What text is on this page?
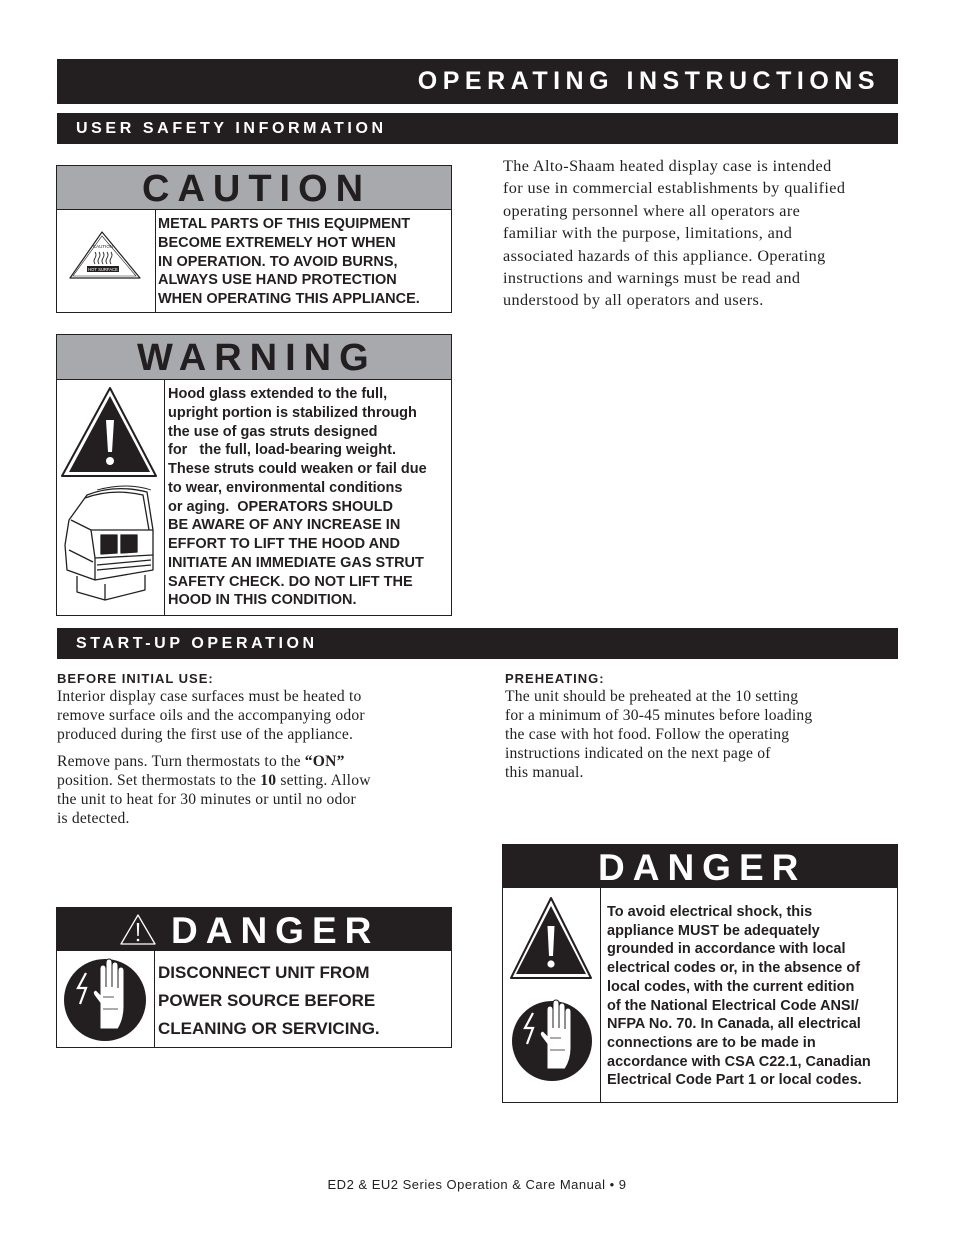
OPERATING INSTRUCTIONS
USER SAFETY INFORMATION
CAUTION
CAUTION
HOT SURFACE
METAL PARTS OF THIS EQUIPMENT
BECOME EXTREMELY HOT WHEN
IN OPERATION. TO AVOID BURNS,
ALWAYS USE HAND PROTECTION
WHEN OPERATING THIS APPLIANCE.

The Alto-Shaam heated display case is intended

for use in commercial establishments by qualified

operating personnel where all operators are

familiar with the purpose, limitations, and

associated hazards of this appliance. Operating

instructions and warnings must be read and

understood by all operators and users.

WARNING
Hood glass extended to the full,
upright portion is stabilized through
the use of gas struts designed
for   the full, load-bearing weight.
These struts could weaken or fail due
to wear, environmental conditions
or aging.  OPERATORS SHOULD
BE AWARE OF ANY INCREASE IN
EFFORT TO LIFT THE HOOD AND
INITIATE AN IMMEDIATE GAS STRUT
SAFETY CHECK. DO NOT LIFT THE
HOOD IN THIS CONDITION.
START-UP OPERATION
BEFORE INITIAL USE:

Interior display case surfaces must be heated to

remove surface oils and the accompanying odor

produced during the first use of the appliance.

Remove pans. Turn thermostats to the “ON”

position. Set thermostats to the 10 setting. Allow

the unit to heat for 30 minutes or until no odor

is detected.

PREHEATING:

The unit should be preheated at the 10 setting

for a minimum of 30-45 minutes before loading

the case with hot food. Follow the operating

instructions indicated on the next page of

this manual.

DANGER
To avoid electrical shock, this
appliance MUST be adequately
grounded in accordance with local
electrical codes or, in the absence of
local codes, with the current edition
of the National Electrical Code ANSI/
NFPA No. 70. In Canada, all electrical
connections are to be made in
accordance with CSA C22.1, Canadian
Electrical Code Part 1 or local codes.
DANGER
DISCONNECT UNIT FROM
POWER SOURCE BEFORE
CLEANING OR SERVICING.
ED2 & EU2 Series Operation & Care Manual • 9
